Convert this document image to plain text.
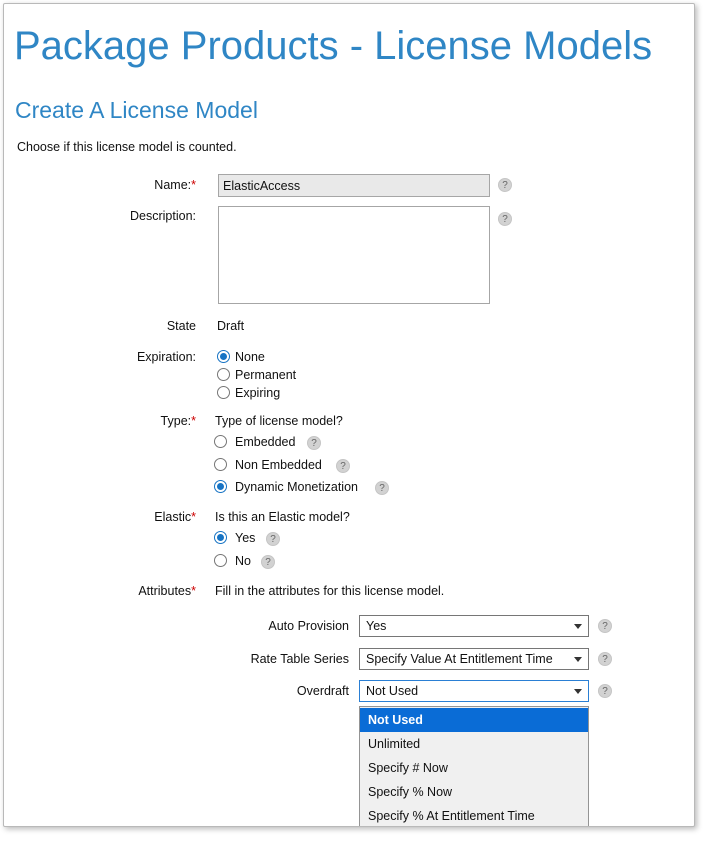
Package Products - License Models
Create A License Model
Choose if this license model is counted.
Name:*
ElasticAccess	?
Description:	?
State Draft
Expiration:	None
Permanent
Expiring
Type:* Type of license model?
Embedded	?
Non Embedded	?
Dynamic Monetization	?
Elastic* Is this an Elastic model?
Yes	?
No	?
Attributes* Fill in the attributes for this license model.
Auto Provision	Yes	?
Rate Table Series	Specify Value At Entitlement Time	?
Overdraft	Not Used	?
Not Used
Unlimited
Specify # Now
Specify % Now
Specify % At Entitlement Time
